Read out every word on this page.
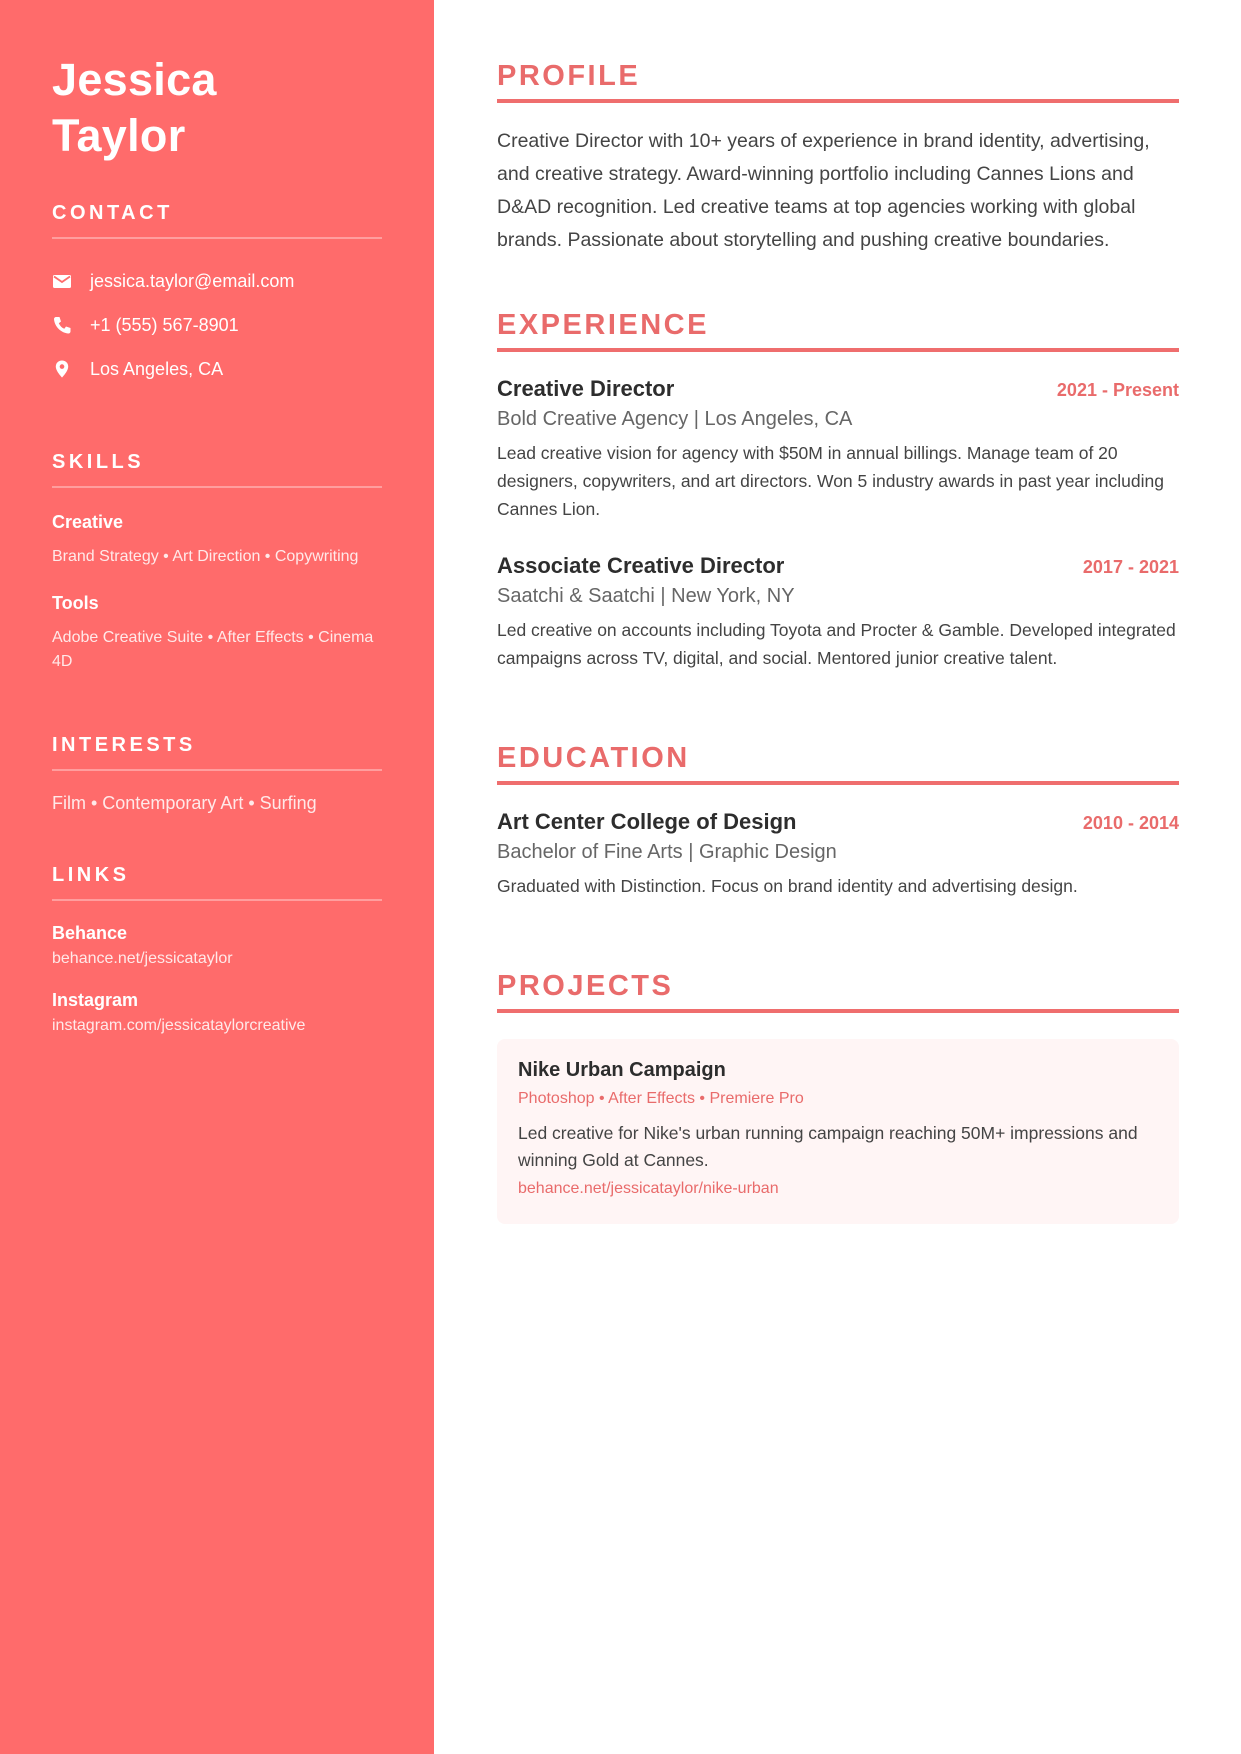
Jessica
Taylor
CONTACT
jessica.taylor@email.com
+1 (555) 567-8901
Los Angeles, CA
SKILLS
Creative
Brand Strategy • Art Direction • Copywriting
Tools
Adobe Creative Suite • After Effects • Cinema 4D
INTERESTS
Film • Contemporary Art • Surfing
LINKS
Behance
behance.net/jessicataylor
Instagram
instagram.com/jessicataylorcreative
PROFILE

Creative Director with 10+ years of experience in brand identity, advertising, and creative strategy. Award-winning portfolio including Cannes Lions and D&AD recognition. Led creative teams at top agencies working with global brands. Passionate about storytelling and pushing creative boundaries.

EXPERIENCE
Creative Director	2021 - Present
Bold Creative Agency | Los Angeles, CA
Lead creative vision for agency with $50M in annual billings. Manage team of 20 designers, copywriters, and art directors. Won 5 industry awards in past year including Cannes Lion.
Associate Creative Director	2017 - 2021
Saatchi & Saatchi | New York, NY
Led creative on accounts including Toyota and Procter & Gamble. Developed integrated campaigns across TV, digital, and social. Mentored junior creative talent.
EDUCATION
Art Center College of Design	2010 - 2014
Bachelor of Fine Arts | Graphic Design
Graduated with Distinction. Focus on brand identity and advertising design.
PROJECTS
Nike Urban Campaign
Photoshop • After Effects • Premiere Pro
Led creative for Nike's urban running campaign reaching 50M+ impressions and winning Gold at Cannes.
behance.net/jessicataylor/nike-urban
